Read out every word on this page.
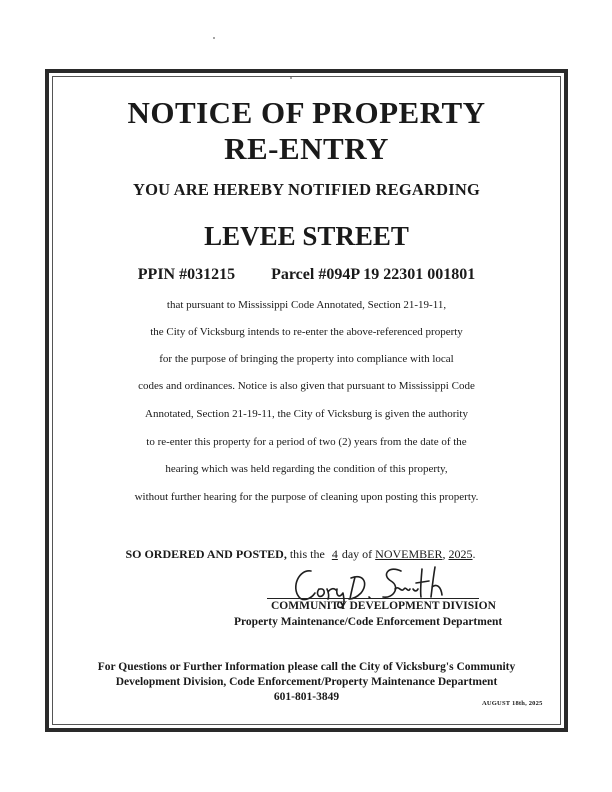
NOTICE OF PROPERTY
RE-ENTRY
YOU ARE HEREBY NOTIFIED REGARDING
LEVEE STREET
PPIN #031215 Parcel #094P 19 22301 001801
that pursuant to Mississippi Code Annotated, Section 21-19-11,
the City of Vicksburg intends to re-enter the above-referenced property
for the purpose of bringing the property into compliance with local
codes and ordinances. Notice is also given that pursuant to Mississippi Code
Annotated, Section 21-19-11, the City of Vicksburg is given the authority
to re-enter this property for a period of two (2) years from the date of the
hearing which was held regarding the condition of this property,
without further hearing for the purpose of cleaning upon posting this property.
SO ORDERED AND POSTED, this the 4 day of NOVEMBER, 2025.
COMMUNITY DEVELOPMENT DIVISION
Property Maintenance/Code Enforcement Department
For Questions or Further Information please call the City of Vicksburg's Community
Development Division, Code Enforcement/Property Maintenance Department
601-801-3849
AUGUST 18th, 2025
